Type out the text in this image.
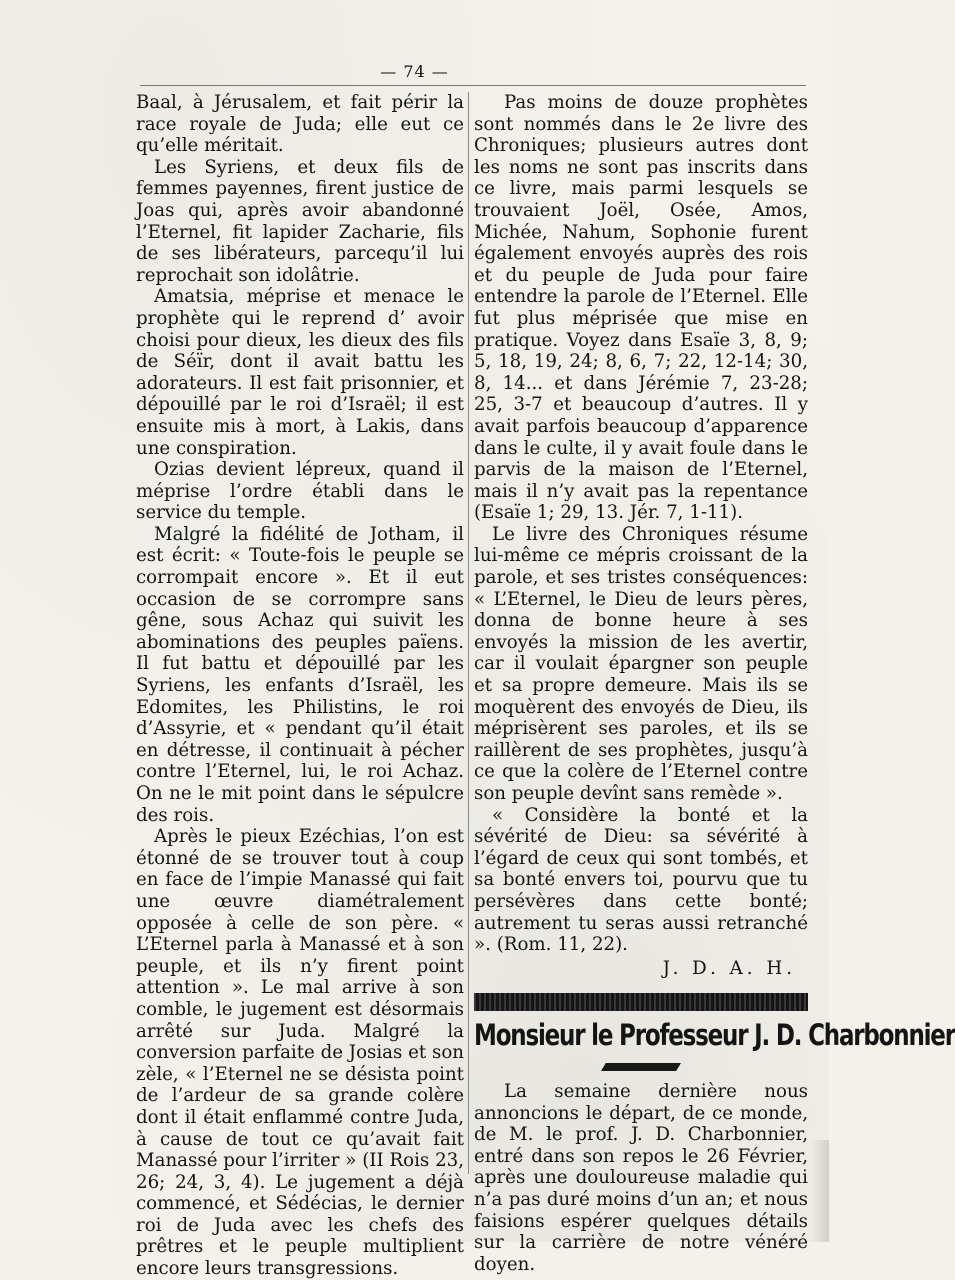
— 74 —

Baal, à Jérusalem, et fait périr la race royale de Juda; elle eut ce qu’elle méritait.

Les Syriens, et deux fils de femmes payennes, firent justice de Joas qui, après avoir abandonné l’Eternel, fit lapider Zacharie, fils de ses libérateurs, parcequ’il lui reprochait son idolâtrie.

Amatsia, méprise et menace le prophète qui le reprend d’ avoir choisi pour dieux, les dieux des fils de Séïr, dont il avait battu les adorateurs. Il est fait prisonnier, et dépouillé par le roi d’Israël; il est ensuite mis à mort, à Lakis, dans une conspiration.

Ozias devient lépreux, quand il méprise l’ordre établi dans le service du temple.

Malgré la fidélité de Jotham, il est écrit: « Toute-fois le peuple se corrompait encore ». Et il eut occasion de se corrompre sans gêne, sous Achaz qui suivit les abominations des peuples païens. Il fut battu et dépouillé par les Syriens, les enfants d’Israël, les Edomites, les Philistins, le roi d’Assyrie, et « pendant qu’il était en détresse, il continuait à pécher contre l’Eternel, lui, le roi Achaz. On ne le mit point dans le sépulcre des rois.

Après le pieux Ezéchias, l’on est étonné de se trouver tout à coup en face de l’impie Manassé qui fait une œuvre diamétralement opposée à celle de son père. « L’Eternel parla à Manassé et à son peuple, et ils n’y firent point attention ». Le mal arrive à son comble, le jugement est désormais arrêté sur Juda. Malgré la conversion parfaite de Josias et son zèle, « l’Eternel ne se désista point de l’ardeur de sa grande colère dont il était enflammé contre Juda, à cause de tout ce qu’avait fait Manassé pour l’irriter » (II Rois 23, 26; 24, 3, 4). Le jugement a déjà commencé, et Sédécias, le dernier roi de Juda avec les chefs des prêtres et le peuple multiplient encore leurs transgressions.

Pas moins de douze prophètes sont nommés dans le 2e livre des Chroniques; plusieurs autres dont les noms ne sont pas inscrits dans ce livre, mais parmi lesquels se trouvaient Joël, Osée, Amos, Michée, Nahum, Sophonie furent également envoyés auprès des rois et du peuple de Juda pour faire entendre la parole de l’Eternel. Elle fut plus méprisée que mise en pratique. Voyez dans Esaïe 3, 8, 9; 5, 18, 19, 24; 8, 6, 7; 22, 12-14; 30, 8, 14... et dans Jérémie 7, 23-28; 25, 3-7 et beaucoup d’autres. Il y avait parfois beaucoup d’apparence dans le culte, il y avait foule dans le parvis de la maison de l’Eternel, mais il n’y avait pas la repentance (Esaïe 1; 29, 13. Jér. 7, 1-11).

Le livre des Chroniques résume lui-même ce mépris croissant de la parole, et ses tristes conséquences: « L’Eternel, le Dieu de leurs pères, donna de bonne heure à ses envoyés la mission de les avertir, car il voulait épargner son peuple et sa propre demeure. Mais ils se moquèrent des envoyés de Dieu, ils méprisèrent ses paroles, et ils se raillèrent de ses prophètes, jusqu’à ce que la colère de l’Eternel contre son peuple devînt sans remède ».

« Considère la bonté et la sévérité de Dieu: sa sévérité à l’égard de ceux qui sont tombés, et sa bonté envers toi, pourvu que tu persévères dans cette bonté; autrement tu seras aussi retranché ». (Rom. 11, 22).

J. D. A. H.
Monsieur le Professeur J. D. Charbonnier

La semaine dernière nous annoncions le départ, de ce monde, de M. le prof. J. D. Charbonnier, entré dans son repos le 26 Février, après une douloureuse maladie qui n’a pas duré moins d’un an; et nous faisions espérer quelques détails sur la carrière de notre vénéré doyen.
